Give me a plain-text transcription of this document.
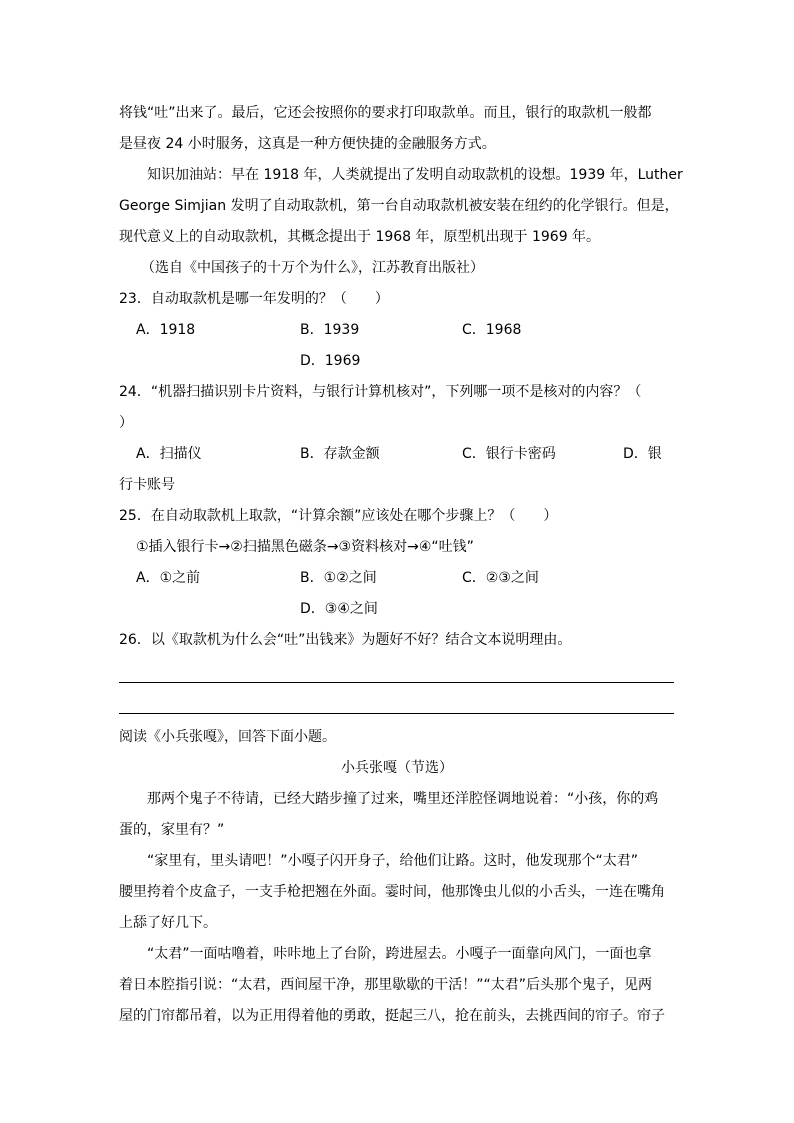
将钱“吐”出来了。最后，它还会按照你的要求打印取款单。而且，银行的取款机一般都
是昼夜 24 小时服务，这真是一种方便快捷的金融服务方式。
知识加油站：早在 1918 年，人类就提出了发明自动取款机的设想。1939 年，Luther
George Simjian 发明了自动取款机，第一台自动取款机被安装在纽约的化学银行。但是，
现代意义上的自动取款机，其概念提出于 1968 年，原型机出现于 1969 年。
（选自《中国孩子的十万个为什么》，江苏教育出版社）
23．自动取款机是哪一年发明的？（　　）
A．1918	B．1939	C．1968
D．1969
24．“机器扫描识别卡片资料，与银行计算机核对”，下列哪一项不是核对的内容？（
）
A．扫描仪	B．存款金额	C．银行卡密码	D．银
行卡账号
25．在自动取款机上取款，“计算余额”应该处在哪个步骤上？（　　）
①插入银行卡→②扫描黑色磁条→③资料核对→④“吐钱”
A．①之前	B．①②之间	C．②③之间
D．③④之间
26．以《取款机为什么会“吐”出钱来》为题好不好？结合文本说明理由。
阅读《小兵张嘎》，回答下面小题。
小兵张嘎（节选）
那两个鬼子不待请，已经大踏步撞了过来，嘴里还洋腔怪调地说着：“小孩，你的鸡
蛋的，家里有？”
“家里有，里头请吧！”小嘎子闪开身子，给他们让路。这时，他发现那个“太君”
腰里挎着个皮盒子，一支手枪把翘在外面。霎时间，他那馋虫儿似的小舌头，一连在嘴角
上舔了好几下。
“太君”一面咕噜着，咔咔地上了台阶，跨进屋去。小嘎子一面靠向风门，一面也拿
着日本腔指引说：“太君，西间屋干净，那里歇歇的干活！”“太君”后头那个鬼子，见两
屋的门帘都吊着，以为正用得着他的勇敢，挺起三八，抢在前头，去挑西间的帘子。帘子
